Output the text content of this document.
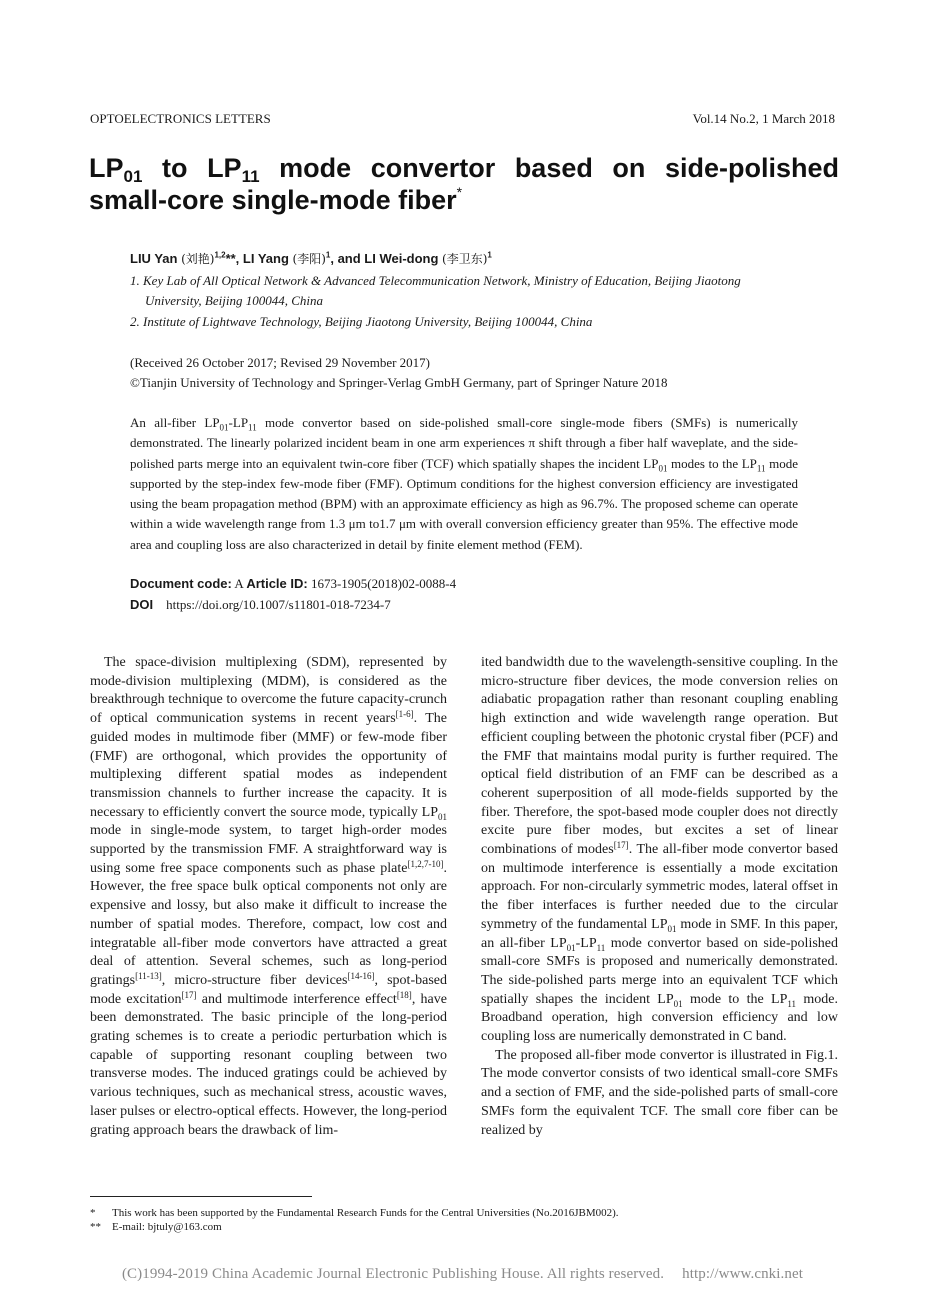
OPTOELECTRONICS LETTERS	Vol.14 No.2, 1 March 2018
$LP_{01}$ to $LP_{11}$ mode convertor based on side-polished small-core single-mode fiber*
LIU Yan (刘艳)$^{1,2}$**, LI Yang (李阳)$^1$, and LI Wei-dong (李卫东)$^1$
1. Key Lab of All Optical Network & Advanced Telecommunication Network, Ministry of Education, Beijing Jiaotong
University, Beijing 100044, China
2. Institute of Lightwave Technology, Beijing Jiaotong University, Beijing 100044, China
(Received 26 October 2017; Revised 29 November 2017)
©Tianjin University of Technology and Springer-Verlag GmbH Germany, part of Springer Nature 2018
An all-fiber $LP_{01}-LP_{11}$ mode convertor based on side-polished small-core single-mode fibers (SMFs) is numerically demonstrated. The linearly polarized incident beam in one arm experiences π shift through a fiber half waveplate, and the side-polished parts merge into an equivalent twin-core fiber (TCF) which spatially shapes the incident $LP_{01}$ modes to the $LP_{11}$ mode supported by the step-index few-mode fiber (FMF). Optimum conditions for the highest conversion efficiency are investigated using the beam propagation method (BPM) with an approximate efficiency as high as 96.7%. The proposed scheme can operate within a wide wavelength range from 1.3 μm to1.7 μm with overall conversion efficiency greater than 95%. The effective mode area and coupling loss are also characterized in detail by finite element method (FEM).
Document code: A Article ID: 1673-1905(2018)02-0088-4
DOI https://doi.org/10.1007/s11801-018-7234-7

The space-division multiplexing (SDM), represented by mode-division multiplexing (MDM), is considered as the breakthrough technique to overcome the future capacity-crunch of optical communication systems in recent years[1-6]. The guided modes in multimode fiber (MMF) or few-mode fiber (FMF) are orthogonal, which provides the opportunity of multiplexing different spatial modes as independent transmission channels to further increase the capacity. It is necessary to efficiently convert the source mode, typically $LP_{01}$ mode in single-mode system, to target high-order modes supported by the transmission FMF. A straightforward way is using some free space components such as phase plate[1,2,7-10]. However, the free space bulk optical components not only are expensive and lossy, but also make it difficult to increase the number of spatial modes. Therefore, compact, low cost and integratable all-fiber mode convertors have attracted a great deal of attention. Several schemes, such as long-period gratings[11-13], micro-structure fiber devices[14-16], spot-based mode excitation[17] and multimode interference effect[18], have been demonstrated. The basic principle of the long-period grating schemes is to create a periodic perturbation which is capable of supporting resonant coupling between two transverse modes. The induced gratings could be achieved by various techniques, such as mechanical stress, acoustic waves, laser pulses or electro-optical effects. However, the long-period grating approach bears the drawback of lim-

ited bandwidth due to the wavelength-sensitive coupling. In the micro-structure fiber devices, the mode conversion relies on adiabatic propagation rather than resonant coupling enabling high extinction and wide wavelength range operation. But efficient coupling between the photonic crystal fiber (PCF) and the FMF that maintains modal purity is further required. The optical field distribution of an FMF can be described as a coherent superposition of all mode-fields supported by the fiber. Therefore, the spot-based mode coupler does not directly excite pure fiber modes, but excites a set of linear combinations of modes[17]. The all-fiber mode convertor based on multimode interference is essentially a mode excitation approach. For non-circularly symmetric modes, lateral offset in the fiber interfaces is further needed due to the circular symmetry of the fundamental $LP_{01}$ mode in SMF. In this paper, an all-fiber $LP_{01}-LP_{11}$ mode convertor based on side-polished small-core SMFs is proposed and numerically demonstrated. The side-polished parts merge into an equivalent TCF which spatially shapes the incident $LP_{01}$ mode to the $LP_{11}$ mode. Broadband operation, high conversion efficiency and low coupling loss are numerically demonstrated in C band.

The proposed all-fiber mode convertor is illustrated in Fig.1. The mode convertor consists of two identical small-core SMFs and a section of FMF, and the side-polished parts of small-core SMFs form the equivalent TCF. The small core fiber can be realized by

* This work has been supported by the Fundamental Research Funds for the Central Universities (No.2016JBM002).
** E-mail: bjtuly@163.com
(C)1994-2019 China Academic Journal Electronic Publishing House. All rights reserved. http://www.cnki.net
